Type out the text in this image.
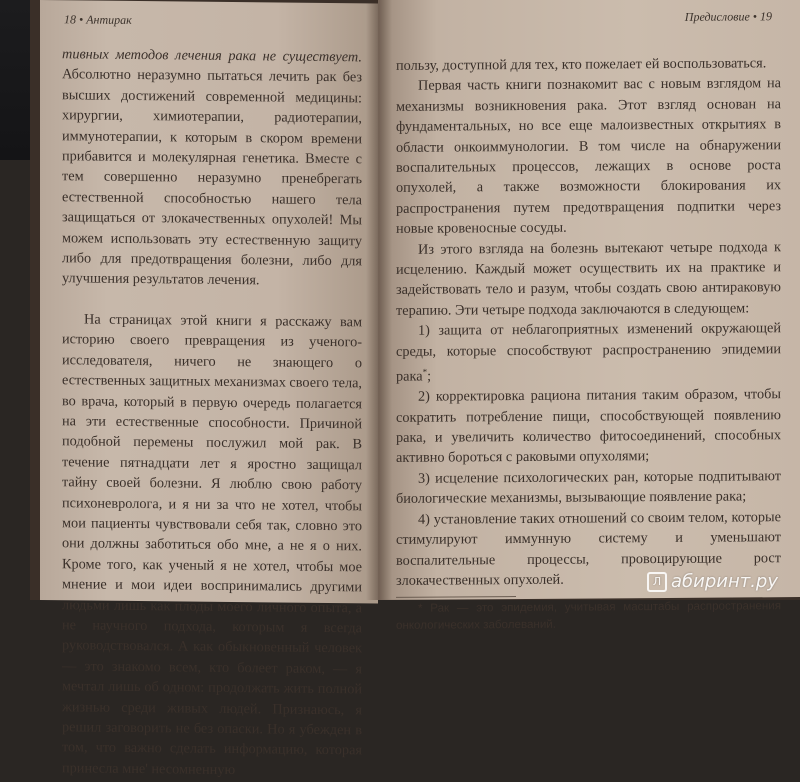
18 • Антирак

тивных методов лечения рака не существует. Абсолютно неразумно пытаться лечить рак без высших достижений современной медицины: хирургии, химиотерапии, радиотерапии, иммунотерапии, к которым в скором времени прибавится и молекулярная генетика. Вместе с тем совершенно неразумно пренебрегать естественной способностью нашего тела защищаться от злокачественных опухолей! Мы можем использовать эту естественную защиту либо для предотвращения болезни, либо для улучшения результатов лечения.

На страницах этой книги я расскажу вам историю своего превращения из ученого-исследователя, ничего не знающего о естественных защитных механизмах своего тела, во врача, который в первую очередь полагается на эти естественные способности. Причиной подобной перемены послужил мой рак. В течение пятнадцати лет я яростно защищал тайну своей болезни. Я люблю свою работу психоневролога, и я ни за что не хотел, чтобы мои пациенты чувствовали себя так, словно это они должны заботиться обо мне, а не я о них. Кроме того, как ученый я не хотел, чтобы мое мнение и мои идеи воспринимались другими людьми лишь как плоды моего личного опыта, а не научного подхода, которым я всегда руководствовался. А как обыкновенный человек — это знакомо всем, кто болеет раком, — я мечтал лишь об одном: продолжать жить полной жизнью среди живых людей. Признаюсь, я решил заговорить не без опаски. Но я убежден в том, что важно сделать информацию, которая принесла мне' несомненную

Предисловие • 19

пользу, доступной для тех, кто пожелает ей воспользоваться.

Первая часть книги познакомит вас с новым взглядом на механизмы возникновения рака. Этот взгляд основан на фундаментальных, но все еще малоизвестных открытиях в области онкоиммунологии. В том числе на обнаружении воспалительных процессов, лежащих в основе роста опухолей, а также возможности блокирования их распространения путем предотвращения подпитки через новые кровеносные сосуды.

Из этого взгляда на болезнь вытекают четыре подхода к исцелению. Каждый может осуществить их на практике и задействовать тело и разум, чтобы создать свою антираковую терапию. Эти четыре подхода заключаются в следующем:

1) защита от неблагоприятных изменений окружающей среды, которые способствуют распространению эпидемии рака*;

2) корректировка рациона питания таким образом, чтобы сократить потребление пищи, способствующей появлению рака, и увеличить количество фитосоединений, способных активно бороться с раковыми опухолями;

3) исцеление психологических ран, которые подпитывают биологические механизмы, вызывающие появление рака;

4) установление таких отношений со своим телом, которые стимулируют иммунную систему и уменьшают воспалительные процессы, провоцирующие рост злокачественных опухолей.

* Рак — это эпидемия, учитывая масштабы распространения онкологических заболеваний.

Л абиринт.ру
